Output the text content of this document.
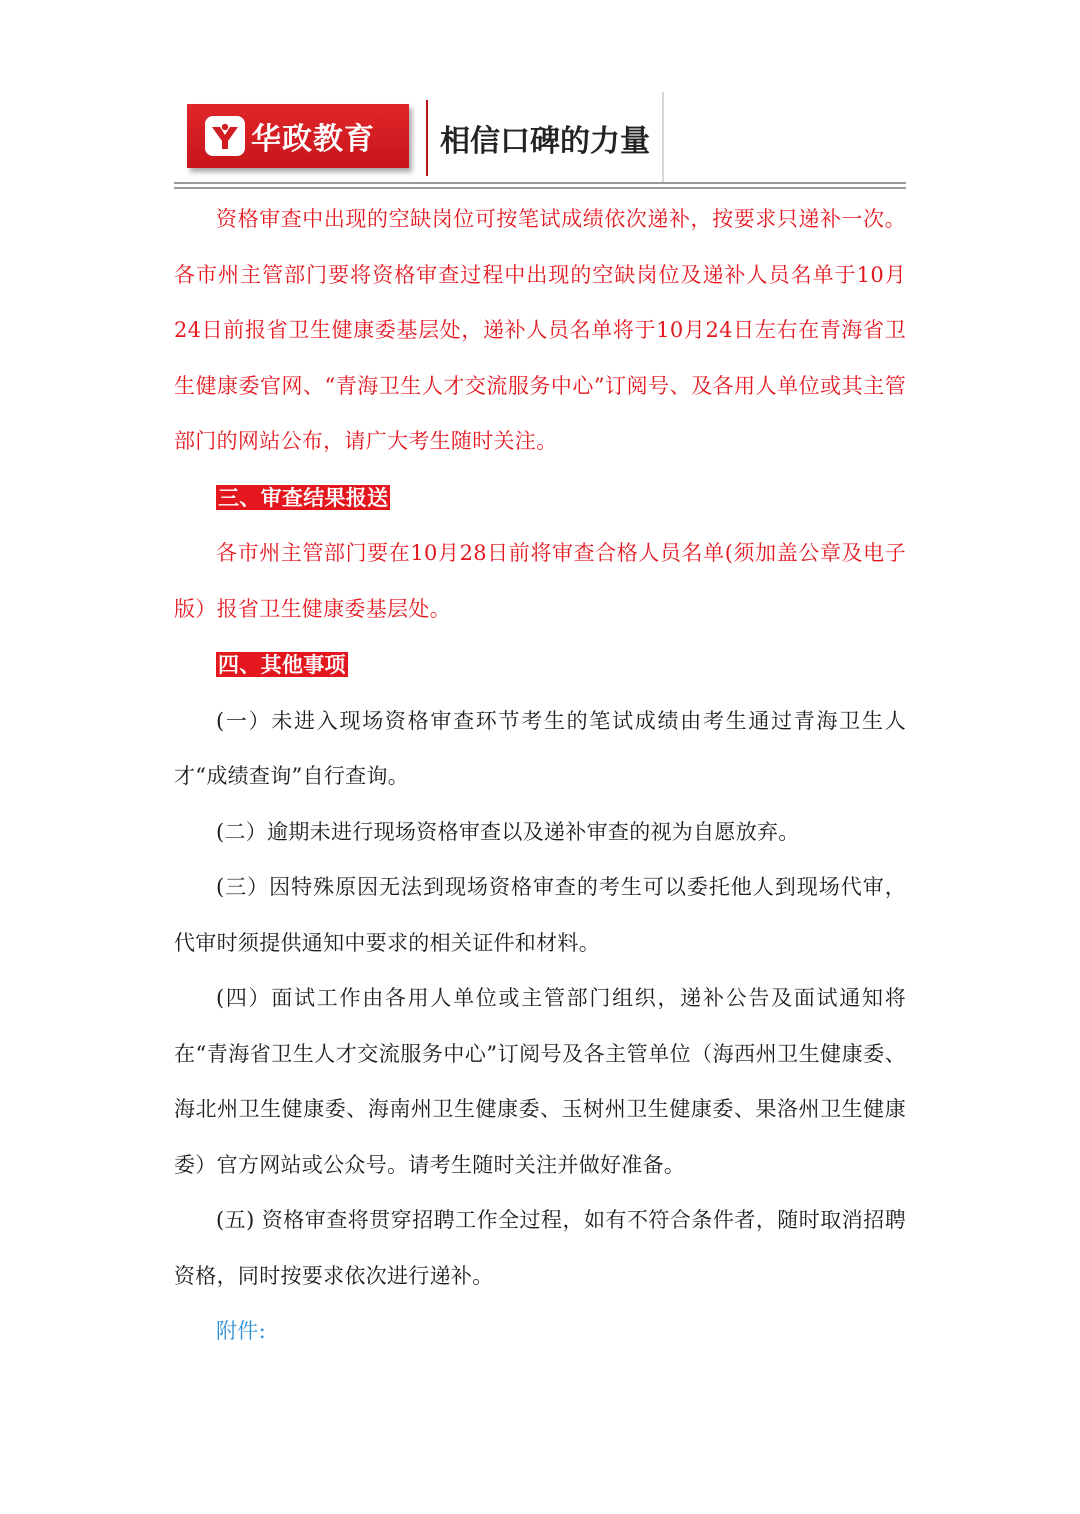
华政教育 相信口碑的力量

资格审查中出现的空缺岗位可按笔试成绩依次递补，按要求只递补一次。各市州主管部门要将资格审查过程中出现的空缺岗位及递补人员名单于10月24日前报省卫生健康委基层处，递补人员名单将于10月24日左右在青海省卫生健康委官网、“青海卫生人才交流服务中心”订阅号、及各用人单位或其主管部门的网站公布，请广大考生随时关注。

三、审查结果报送

各市州主管部门要在10月28日前将审查合格人员名单(须加盖公章及电子版）报省卫生健康委基层处。

四、其他事项

(一）未进入现场资格审查环节考生的笔试成绩由考生通过青海卫生人才“成绩查询”自行查询。

(二）逾期未进行现场资格审查以及递补审查的视为自愿放弃。

(三）因特殊原因无法到现场资格审查的考生可以委托他人到现场代审，代审时须提供通知中要求的相关证件和材料。

(四）面试工作由各用人单位或主管部门组织，递补公告及面试通知将在“青海省卫生人才交流服务中心”订阅号及各主管单位（海西州卫生健康委、海北州卫生健康委、海南州卫生健康委、玉树州卫生健康委、果洛州卫生健康委）官方网站或公众号。请考生随时关注并做好准备。

(五) 资格审查将贯穿招聘工作全过程，如有不符合条件者，随时取消招聘资格，同时按要求依次进行递补。

附件:
